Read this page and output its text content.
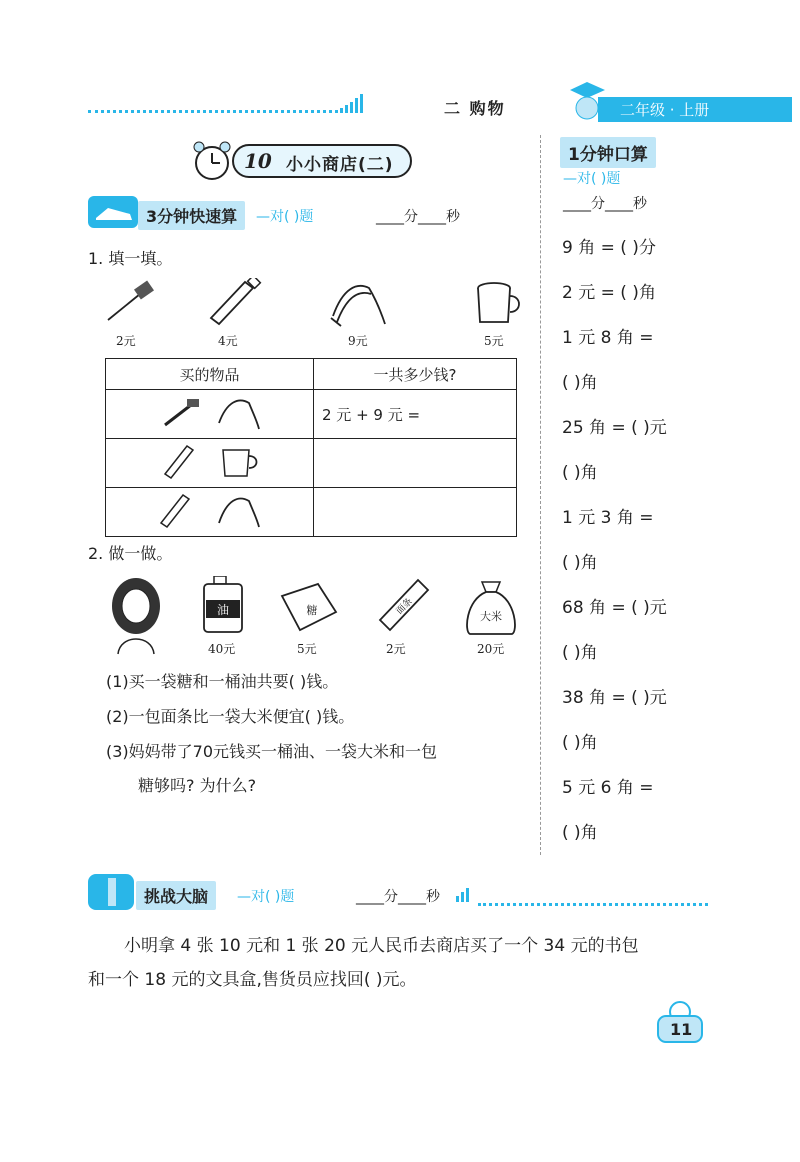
二 购物	二年级 · 上册
10 小小商店(二)
3分钟快速算	—对( )题	____分____秒
1. 填一填。
2元	4元	9元	5元
买的物品	一共多少钱?
	2 元 + 9 元 =

2. 做一做。
油	糖	面条	大米
40元	5元	2元	20元
(1)买一袋糖和一桶油共要( )钱。
(2)一包面条比一袋大米便宜( )钱。
(3)妈妈带了70元钱买一桶油、一袋大米和一包
糖够吗? 为什么?
1分钟口算
—对( )题
____分____秒
9 角 = ( )分
2 元 = ( )角
1 元 8 角 =
( )角
25 角 = ( )元
( )角
1 元 3 角 =
( )角
68 角 = ( )元
( )角
38 角 = ( )元
( )角
5 元 6 角 =
( )角
挑战大脑	—对( )题	____分____秒
小明拿 4 张 10 元和 1 张 20 元人民币去商店买了一个 34 元的书包
和一个 18 元的文具盒,售货员应找回( )元。
11
